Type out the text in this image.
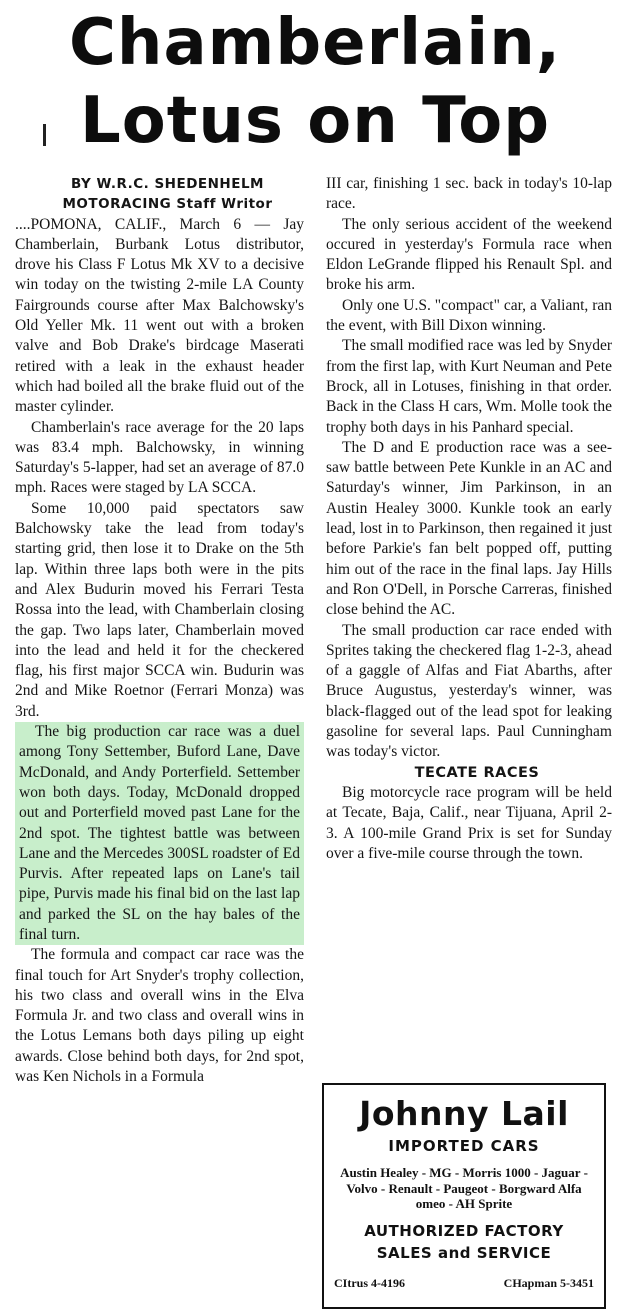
Chamberlain,
Lotus on Top

BY W.R.C. SHEDENHELM

MOTORACING Staff Writor

....POMONA, CALIF., March 6 — Jay Chamberlain, Burbank Lotus distributor, drove his Class F Lotus Mk XV to a decisive win today on the twisting 2-mile LA County Fairgrounds course after Max Balchowsky's Old Yeller Mk. 11 went out with a broken valve and Bob Drake's birdcage Maserati retired with a leak in the exhaust header which had boiled all the brake fluid out of the master cylinder.

Chamberlain's race average for the 20 laps was 83.4 mph. Balchowsky, in winning Saturday's 5-lapper, had set an average of 87.0 mph. Races were staged by LA SCCA.

Some 10,000 paid spectators saw Balchowsky take the lead from today's starting grid, then lose it to Drake on the 5th lap. Within three laps both were in the pits and Alex Budurin moved his Ferrari Testa Rossa into the lead, with Chamberlain closing the gap. Two laps later, Chamberlain moved into the lead and held it for the checkered flag, his first major SCCA win. Budurin was 2nd and Mike Roetnor (Ferrari Monza) was 3rd.

The big production car race was a duel among Tony Settember, Buford Lane, Dave McDonald, and Andy Porterfield. Settember won both days. Today, McDonald dropped out and Porterfield moved past Lane for the 2nd spot. The tightest battle was between Lane and the Mercedes 300SL roadster of Ed Purvis. After repeated laps on Lane's tail pipe, Purvis made his final bid on the last lap and parked the SL on the hay bales of the final turn.

The formula and compact car race was the final touch for Art Snyder's trophy collection, his two class and overall wins in the Elva Formula Jr. and two class and overall wins in the Lotus Lemans both days piling up eight awards. Close behind both days, for 2nd spot, was Ken Nichols in a Formula

III car, finishing 1 sec. back in today's 10-lap race.

The only serious accident of the weekend occured in yesterday's Formula race when Eldon LeGrande flipped his Renault Spl. and broke his arm.

Only one U.S. "compact" car, a Valiant, ran the event, with Bill Dixon winning.

The small modified race was led by Snyder from the first lap, with Kurt Neuman and Pete Brock, all in Lotuses, finishing in that order. Back in the Class H cars, Wm. Molle took the trophy both days in his Panhard special.

The D and E production race was a see-saw battle between Pete Kunkle in an AC and Saturday's winner, Jim Parkinson, in an Austin Healey 3000. Kunkle took an early lead, lost in to Parkinson, then regained it just before Parkie's fan belt popped off, putting him out of the race in the final laps. Jay Hills and Ron O'Dell, in Porsche Carreras, finished close behind the AC.

The small production car race ended with Sprites taking the checkered flag 1-2-3, ahead of a gaggle of Alfas and Fiat Abarths, after Bruce Augustus, yesterday's winner, was black-flagged out of the lead spot for leaking gasoline for several laps. Paul Cunningham was today's victor.

TECATE RACES

Big motorcycle race program will be held at Tecate, Baja, Calif., near Tijuana, April 2-3. A 100-mile Grand Prix is set for Sunday over a five-mile course through the town.

Johnny Lail
IMPORTED CARS
Austin Healey - MG - Morris 1000 - Jaguar - Volvo - Renault - Paugeot - Borgward Alfa omeo - AH Sprite
AUTHORIZED FACTORY
SALES and SERVICE
CItrus 4-4196	CHapman 5-3451
